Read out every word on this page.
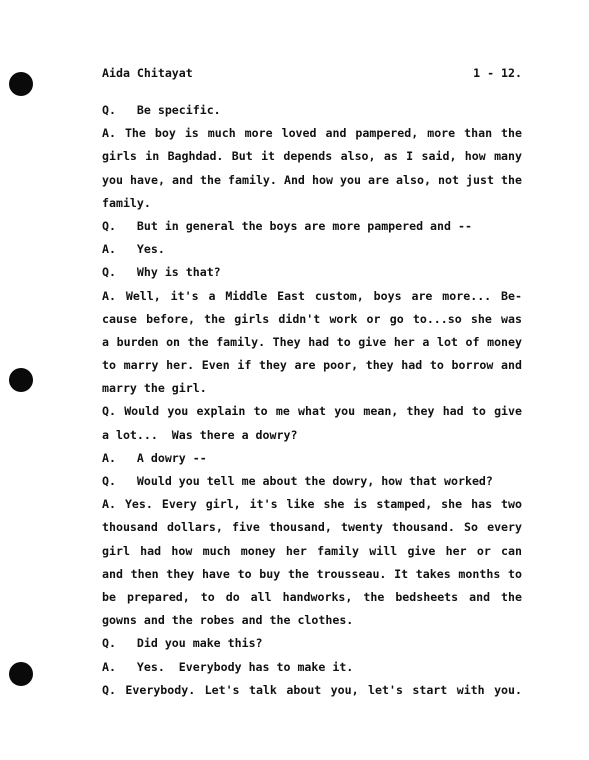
Aida Chitayat	1 - 12.
Q.   Be specific.
A. The boy is much more loved and pampered, more than the
girls in Baghdad. But it depends also, as I said, how many
you have, and the family. And how you are also, not just the
family.
Q.   But in general the boys are more pampered and --
A.   Yes.
Q.   Why is that?
A. Well, it's a Middle East custom, boys are more... Be-
cause before, the girls didn't work or go to...so she was
a burden on the family. They had to give her a lot of money
to marry her. Even if they are poor, they had to borrow and
marry the girl.
Q. Would you explain to me what you mean, they had to give
a lot...  Was there a dowry?
A.   A dowry --
Q.   Would you tell me about the dowry, how that worked?
A. Yes. Every girl, it's like she is stamped, she has two
thousand dollars, five thousand, twenty thousand. So every
girl had how much money her family will give her or can
and then they have to buy the trousseau. It takes months to
be prepared, to do all handworks, the bedsheets and the
gowns and the robes and the clothes.
Q.   Did you make this?
A.   Yes.  Everybody has to make it.
Q. Everybody. Let's talk about you, let's start with you.
